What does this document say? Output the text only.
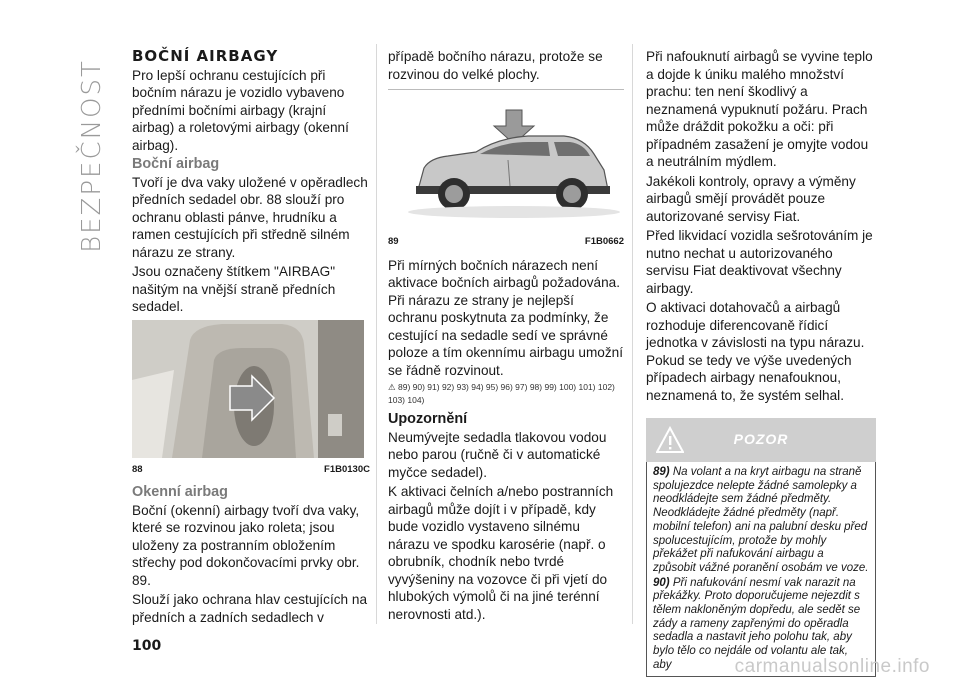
BEZPEČNOST
BOČNÍ AIRBAGY

Pro lepší ochranu cestujících při bočním nárazu je vozidlo vybaveno předními bočními airbagy (krajní airbag) a roletovými airbagy (okenní airbag).

Boční airbag

Tvoří je dva vaky uložené v opěradlech předních sedadel obr. 88 slouží pro ochranu oblasti pánve, hrudníku a ramen cestujících při středně silném nárazu ze strany.

Jsou označeny štítkem "AIRBAG" našitým na vnější straně předních sedadel.

88	F1B0130C
Okenní airbag

Boční (okenní) airbagy tvoří dva vaky, které se rozvinou jako roleta; jsou uloženy za postranním obložením střechy pod dokončovacími prvky obr. 89.

Slouží jako ochrana hlav cestujících na předních a zadních sedadlech v

případě bočního nárazu, protože se rozvinou do velké plochy.

89	F1B0662

Při mírných bočních nárazech není aktivace bočních airbagů požadována. Při nárazu ze strany je nejlepší ochranu poskytnuta za podmínky, že cestující na sedadle sedí ve správné poloze a tím okennímu airbagu umožní se řádně rozvinout.

⚠ 89) 90) 91) 92) 93) 94) 95) 96) 97) 98) 99) 100) 101) 102) 103) 104)
Upozornění

Neumývejte sedadla tlakovou vodou nebo parou (ručně či v automatické myčce sedadel).

K aktivaci čelních a/nebo postranních airbagů může dojít i v případě, kdy bude vozidlo vystaveno silnému nárazu ve spodku karosérie (např. o obrubník, chodník nebo tvrdé vyvýšeniny na vozovce či při vjetí do hlubokých výmolů či na jiné terénní nerovnosti atd.).

Při nafouknutí airbagů se vyvine teplo a dojde k úniku malého množství prachu: ten není škodlivý a neznamená vypuknutí požáru. Prach může dráždit pokožku a oči: při případném zasažení je omyjte vodou a neutrálním mýdlem.

Jakékoli kontroly, opravy a výměny airbagů smějí provádět pouze autorizované servisy Fiat.

Před likvidací vozidla sešrotováním je nutno nechat u autorizovaného servisu Fiat deaktivovat všechny airbagy.

O aktivaci dotahovačů a airbagů rozhoduje diferencovaně řídicí jednotka v závislosti na typu nárazu. Pokud se tedy ve výše uvedených případech airbagy nenafouknou, neznamená to, že systém selhal.

POZOR

89) Na volant a na kryt airbagu na straně spolujezdce nelepte žádné samolepky a neodkládejte sem žádné předměty. Neodkládejte žádné předměty (např. mobilní telefon) ani na palubní desku před spolucestujícím, protože by mohly překážet při nafukování airbagu a způsobit vážné poranění osobám ve voze.

90) Při nafukování nesmí vak narazit na překážky. Proto doporučujeme nejezdit s tělem nakloněným dopředu, ale sedět se zády a rameny zapřenými do opěradla sedadla a nastavit jeho polohu tak, aby bylo tělo co nejdále od volantu ale tak, aby

100
carmanualsonline.info
